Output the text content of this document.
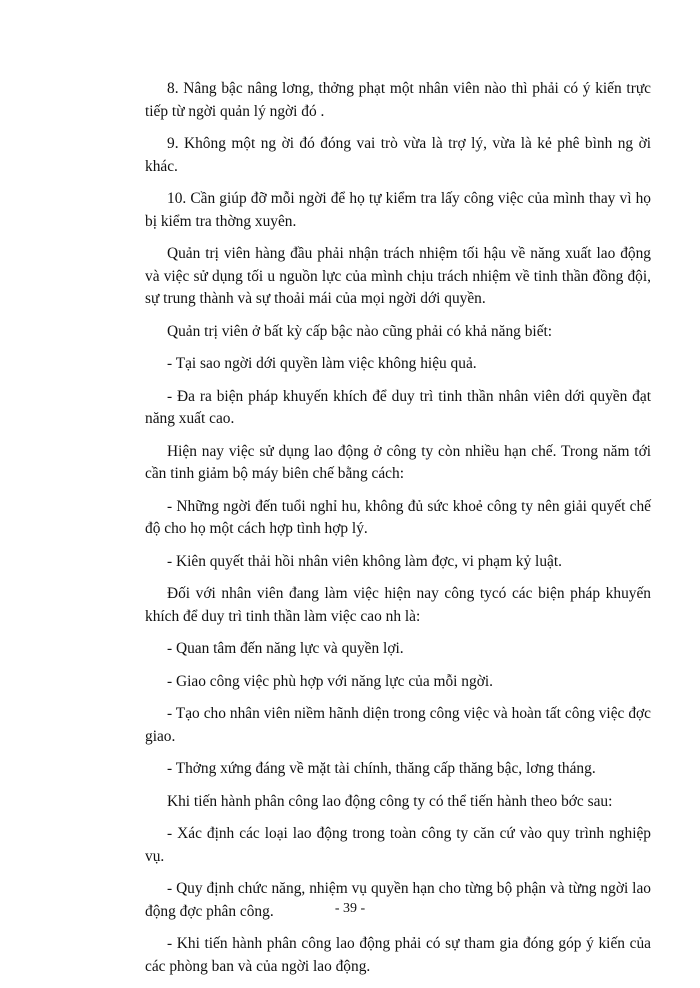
8. Nâng bậc nâng lơng, thởng phạt một nhân viên nào thì phải có ý kiến trực tiếp từ ngời quản lý ngời đó .

9. Không một ng ời đó đóng vai trò vừa là trợ lý, vừa là kẻ phê bình ng ời khác.

10. Cần giúp đỡ mỗi ngời để họ tự kiểm tra lấy công việc của mình thay vì họ bị kiểm tra thờng xuyên.

Quản trị viên hàng đầu phải nhận trách nhiệm tối hậu về năng xuất lao động và việc sử dụng tối u nguồn lực của mình chịu trách nhiệm về tinh thần đồng đội, sự trung thành và sự thoải mái của mọi ngời dới quyền.

Quản trị viên ở bất kỳ cấp bậc nào cũng phải có khả năng biết:

- Tại sao ngời dới quyền làm việc không hiệu quả.

- Đa ra biện pháp khuyến khích để duy trì tinh thần nhân viên dới quyền đạt năng xuất cao.

Hiện nay việc sử dụng lao động ở công ty còn nhiều hạn chế. Trong năm tới cần tinh giảm bộ máy biên chế bằng cách:

- Những ngời đến tuổi nghỉ hu, không đủ sức khoẻ công ty nên giải quyết chế độ cho họ một cách hợp tình hợp lý.

- Kiên quyết thải hồi nhân viên không làm đợc, vi phạm kỷ luật.

Đối với nhân viên đang làm việc hiện nay công tycó các biện pháp khuyến khích để duy trì tinh thần làm việc cao nh là:

- Quan tâm đến năng lực và quyền lợi.

- Giao công việc phù hợp với năng lực của mỗi ngời.

- Tạo cho nhân viên niềm hãnh diện trong công việc và hoàn tất công việc đợc giao.

- Thởng xứng đáng về mặt tài chính, thăng cấp thăng bậc, lơng tháng.

Khi tiến hành phân công lao động công ty có thể tiến hành theo bớc sau:

- Xác định các loại lao động trong toàn công ty căn cứ vào quy trình nghiệp vụ.

- Quy định chức năng, nhiệm vụ quyền hạn cho từng bộ phận và từng ngời lao động đợc phân công.

- Khi tiến hành phân công lao động phải có sự tham gia đóng góp ý kiến của các phòng ban và của ngời lao động.

- 39 -
